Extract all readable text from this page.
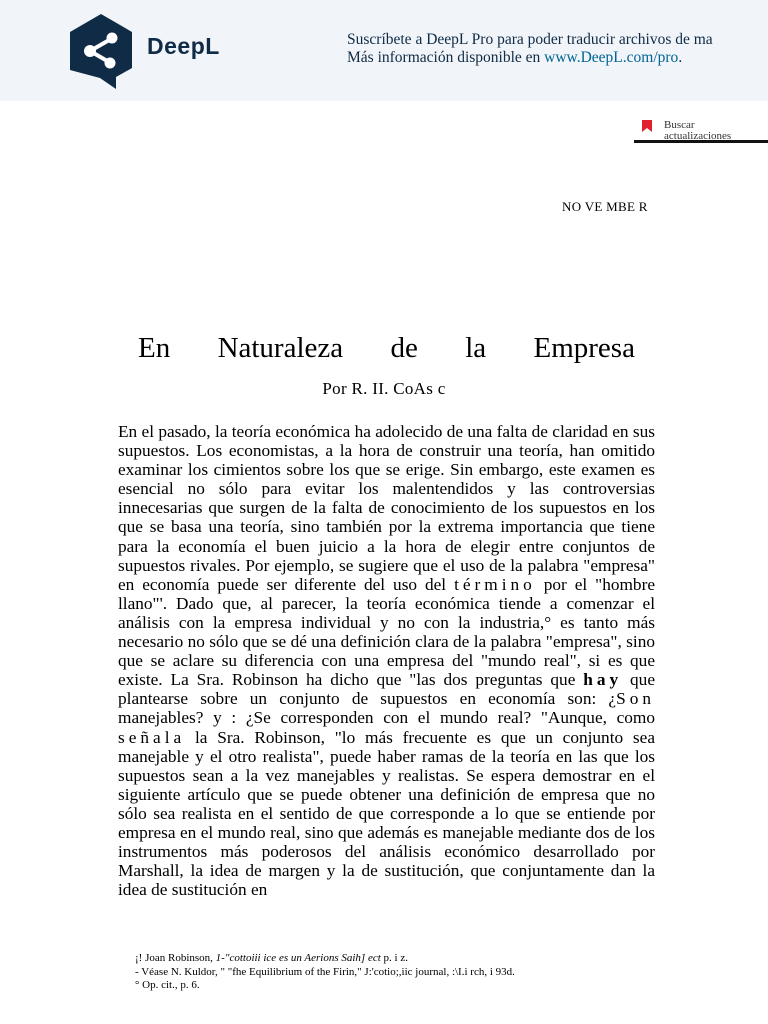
DeepL	Suscríbete a DeepL Pro para poder traducir archivos de ma
Más información disponible en www.DeepL.com/pro.
Buscar actualizaciones
NO VE MBE R
En Naturaleza de la Empresa
Por R. II. CoAs c

En el pasado, la teoría económica ha adolecido de una falta de claridad en sus supuestos. Los economistas, a la hora de construir una teoría, han omitido examinar los cimientos sobre los que se erige. Sin embargo, este examen es esencial no sólo para evitar los malentendidos y las controversias innecesarias que surgen de la falta de conocimiento de los supuestos en los que se basa una teoría, sino también por la extrema importancia que tiene para la economía el buen juicio a la hora de elegir entre conjuntos de supuestos rivales. Por ejemplo, se sugiere que el uso de la palabra "empresa" en economía puede ser diferente del uso del término por el "hombre llano"'. Dado que, al parecer, la teoría económica tiende a comenzar el análisis con la empresa individual y no con la industria,° es tanto más necesario no sólo que se dé una definición clara de la palabra "empresa", sino que se aclare su diferencia con una empresa del "mundo real", si es que existe. La Sra. Robinson ha dicho que "las dos preguntas que hay que plantearse sobre un conjunto de supuestos en economía son: ¿Son manejables? y : ¿Se corresponden con el mundo real? "Aunque, como señala la Sra. Robinson, "lo más frecuente es que un conjunto sea manejable y el otro realista", puede haber ramas de la teoría en las que los supuestos sean a la vez manejables y realistas. Se espera demostrar en el siguiente artículo que se puede obtener una definición de empresa que no sólo sea realista en el sentido de que corresponde a lo que se entiende por empresa en el mundo real, sino que además es manejable mediante dos de los instrumentos más poderosos del análisis económico desarrollado por Marshall, la idea de margen y la de sustitución, que conjuntamente dan la idea de sustitución en

¡! Joan Robinson, 1-"cottoiii ice es un Aerions Saih] ect p. i z.
- Véase N. Kuldor, " "fhe Equilibrium of the Firin," J:'cotio;,iic journal, :\I.i rch, i 93d.
° Op. cit., p. 6.
